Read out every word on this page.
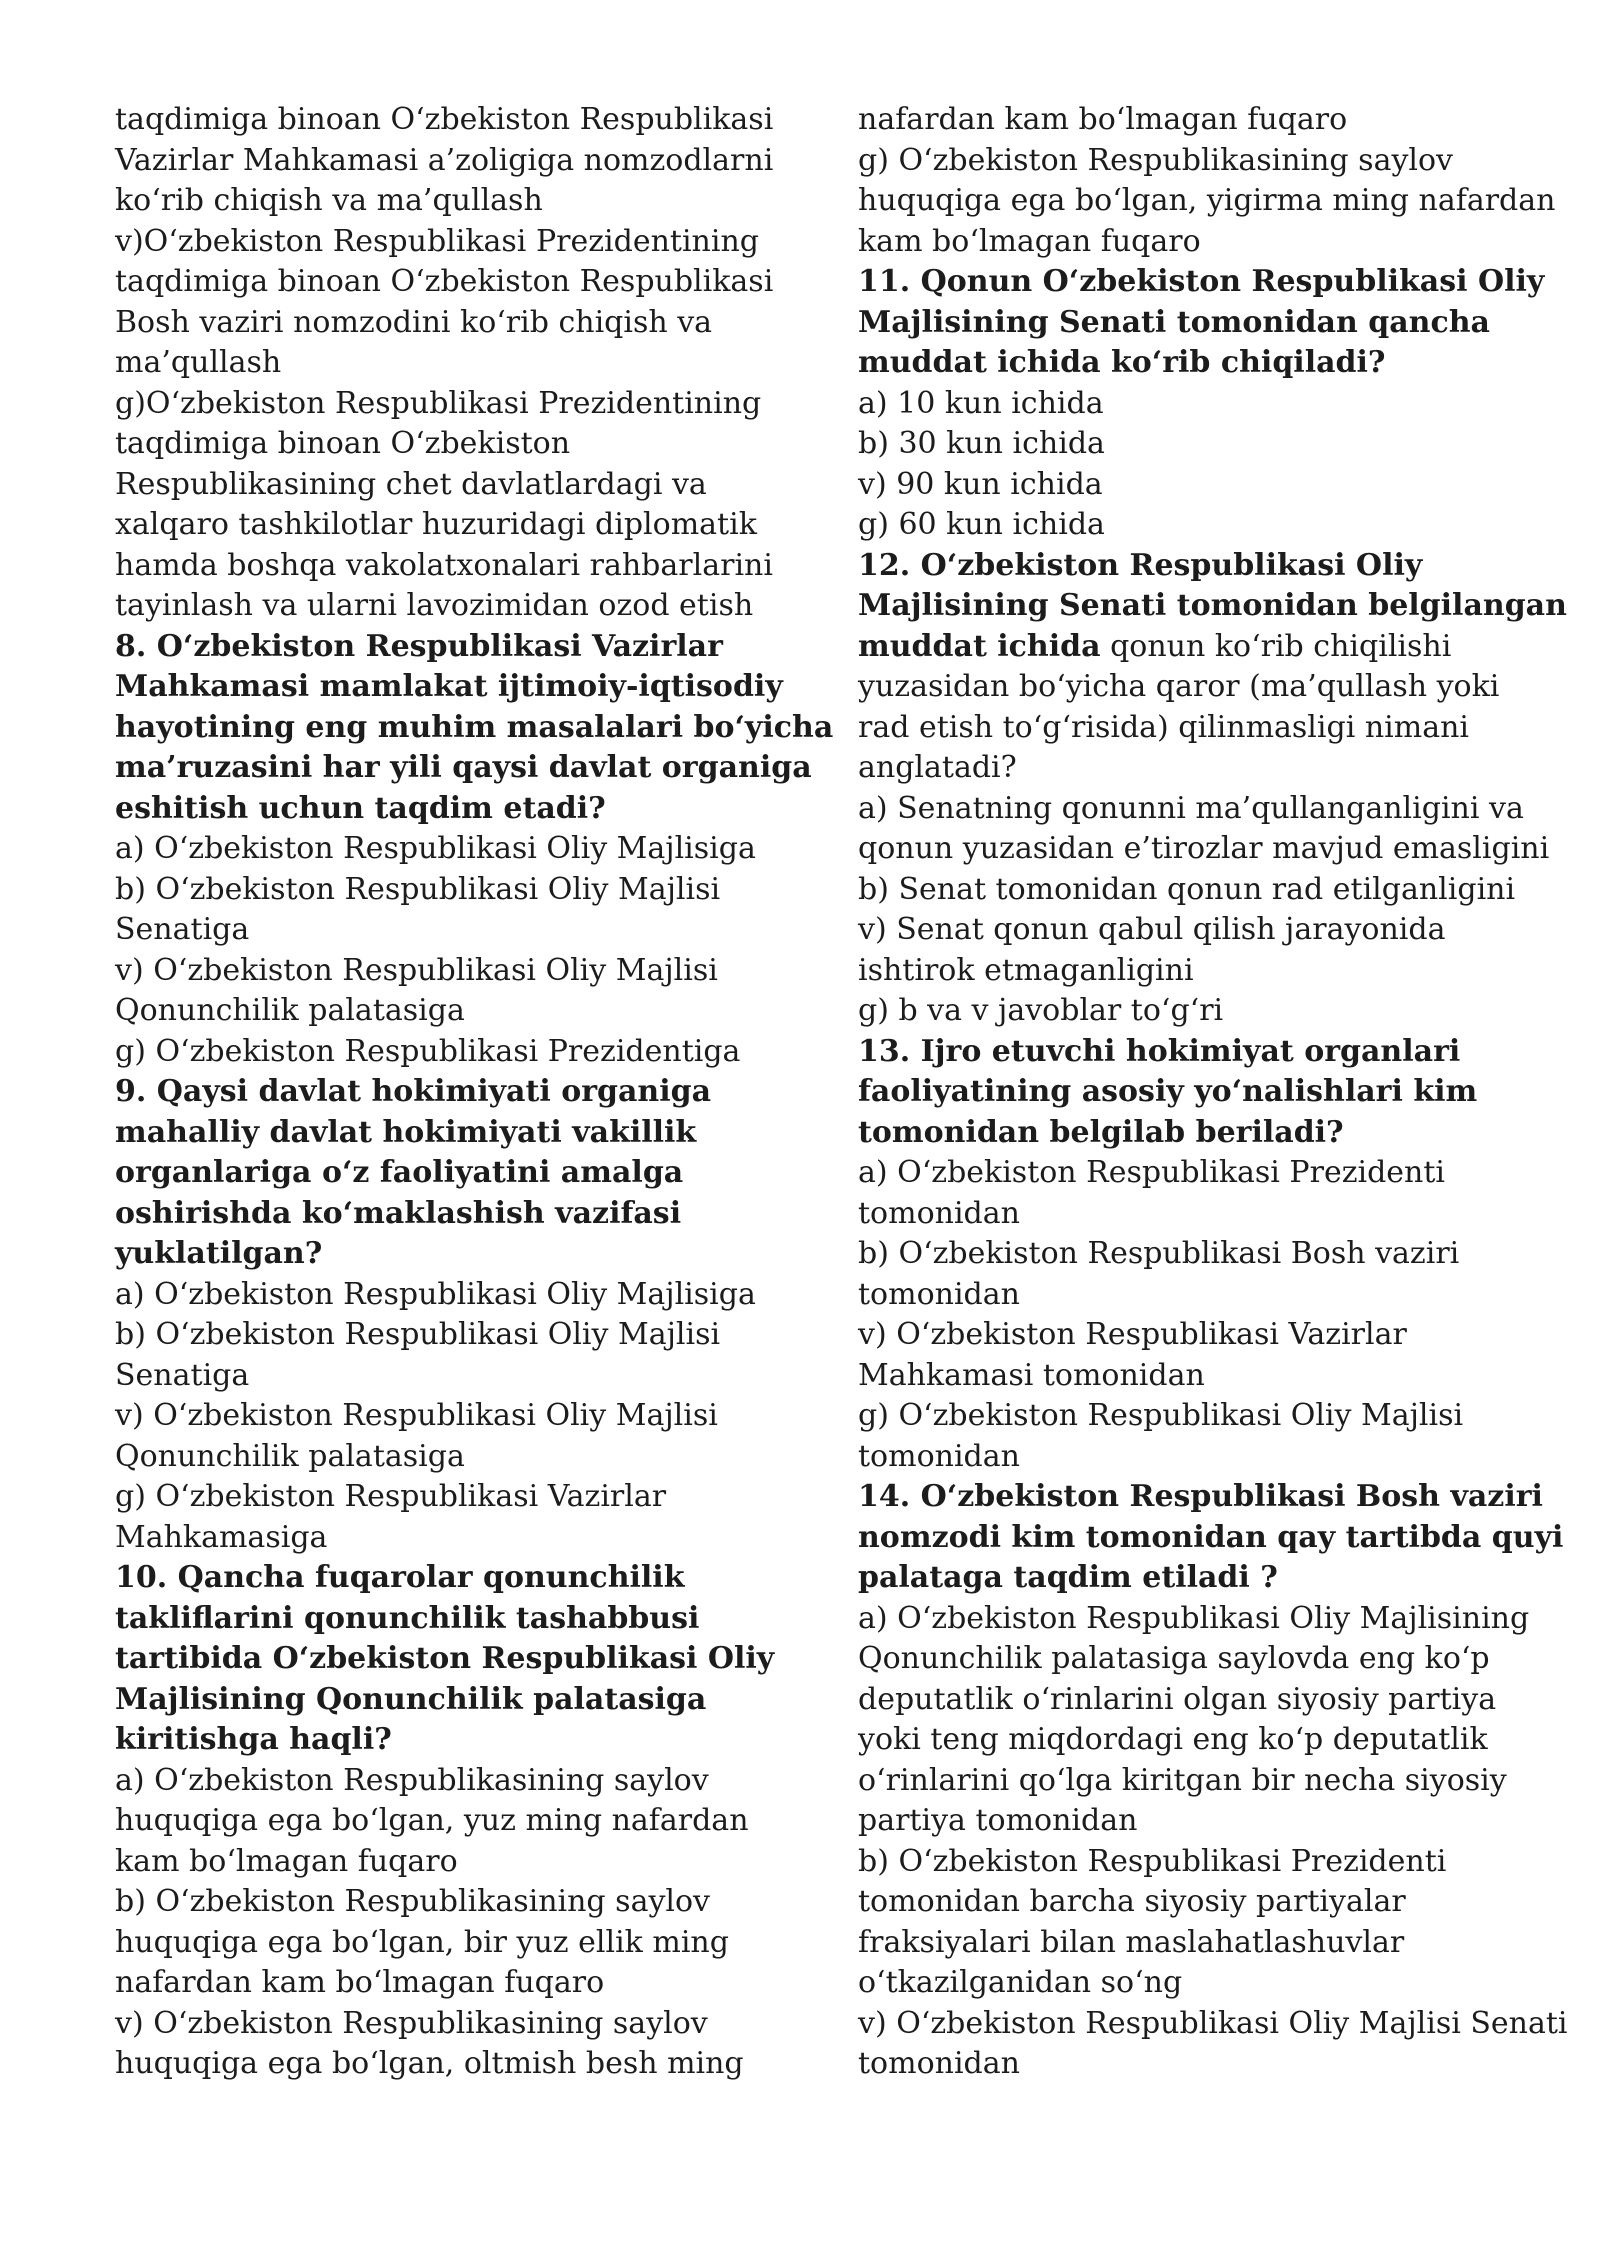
taqdimiga binoan O‘zbekiston Respublikasi
Vazirlar Mahkamasi a’zoligiga nomzodlarni
ko‘rib chiqish va ma’qullash
v)O‘zbekiston Respublikasi Prezidentining
taqdimiga binoan O‘zbekiston Respublikasi
Bosh vaziri nomzodini ko‘rib chiqish va
ma’qullash
g)O‘zbekiston Respublikasi Prezidentining
taqdimiga binoan O‘zbekiston
Respublikasining chet davlatlardagi va
xalqaro tashkilotlar huzuridagi diplomatik
hamda boshqa vakolatxonalari rahbarlarini
tayinlash va ularni lavozimidan ozod etish
8. O‘zbekiston Respublikasi Vazirlar
Mahkamasi mamlakat ijtimoiy-iqtisodiy
hayotining eng muhim masalalari bo‘yicha
ma’ruzasini har yili qaysi davlat organiga
eshitish uchun taqdim etadi?
a) O‘zbekiston Respublikasi Oliy Majlisiga
b) O‘zbekiston Respublikasi Oliy Majlisi
Senatiga
v) O‘zbekiston Respublikasi Oliy Majlisi
Qonunchilik palatasiga
g) O‘zbekiston Respublikasi Prezidentiga
9. Qaysi davlat hokimiyati organiga
mahalliy davlat hokimiyati vakillik
organlariga o‘z faoliyatini amalga
oshirishda ko‘maklashish vazifasi
yuklatilgan?
a) O‘zbekiston Respublikasi Oliy Majlisiga
b) O‘zbekiston Respublikasi Oliy Majlisi
Senatiga
v) O‘zbekiston Respublikasi Oliy Majlisi
Qonunchilik palatasiga
g) O‘zbekiston Respublikasi Vazirlar
Mahkamasiga
10. Qancha fuqarolar qonunchilik
takliflarini qonunchilik tashabbusi
tartibida O‘zbekiston Respublikasi Oliy
Majlisining Qonunchilik palatasiga
kiritishga haqli?
a) O‘zbekiston Respublikasining saylov
huquqiga ega bo‘lgan, yuz ming nafardan
kam bo‘lmagan fuqaro
b) O‘zbekiston Respublikasining saylov
huquqiga ega bo‘lgan, bir yuz ellik ming
nafardan kam bo‘lmagan fuqaro
v) O‘zbekiston Respublikasining saylov
huquqiga ega bo‘lgan, oltmish besh ming
nafardan kam bo‘lmagan fuqaro
g) O‘zbekiston Respublikasining saylov
huquqiga ega bo‘lgan, yigirma ming nafardan
kam bo‘lmagan fuqaro
11. Qonun O‘zbekiston Respublikasi Oliy
Majlisining Senati tomonidan qancha
muddat ichida ko‘rib chiqiladi?
a) 10 kun ichida
b) 30 kun ichida
v) 90 kun ichida
g) 60 kun ichida
12. O‘zbekiston Respublikasi Oliy
Majlisining Senati tomonidan belgilangan
muddat ichida qonun ko‘rib chiqilishi
yuzasidan bo‘yicha qaror (ma’qullash yoki
rad etish to‘g‘risida) qilinmasligi nimani
anglatadi?
a) Senatning qonunni ma’qullanganligini va
qonun yuzasidan e’tirozlar mavjud emasligini
b) Senat tomonidan qonun rad etilganligini
v) Senat qonun qabul qilish jarayonida
ishtirok etmaganligini
g) b va v javoblar to‘g‘ri
13. Ijro etuvchi hokimiyat organlari
faoliyatining asosiy yo‘nalishlari kim
tomonidan belgilab beriladi?
a) O‘zbekiston Respublikasi Prezidenti
tomonidan
b) O‘zbekiston Respublikasi Bosh vaziri
tomonidan
v) O‘zbekiston Respublikasi Vazirlar
Mahkamasi tomonidan
g) O‘zbekiston Respublikasi Oliy Majlisi
tomonidan
14. O‘zbekiston Respublikasi Bosh vaziri
nomzodi kim tomonidan qay tartibda quyi
palataga taqdim etiladi ?
a) O‘zbekiston Respublikasi Oliy Majlisining
Qonunchilik palatasiga saylovda eng ko‘p
deputatlik o‘rinlarini olgan siyosiy partiya
yoki teng miqdordagi eng ko‘p deputatlik
o‘rinlarini qo‘lga kiritgan bir necha siyosiy
partiya tomonidan
b) O‘zbekiston Respublikasi Prezidenti
tomonidan barcha siyosiy partiyalar
fraksiyalari bilan maslahatlashuvlar
o‘tkazilganidan so‘ng
v) O‘zbekiston Respublikasi Oliy Majlisi Senati
tomonidan
